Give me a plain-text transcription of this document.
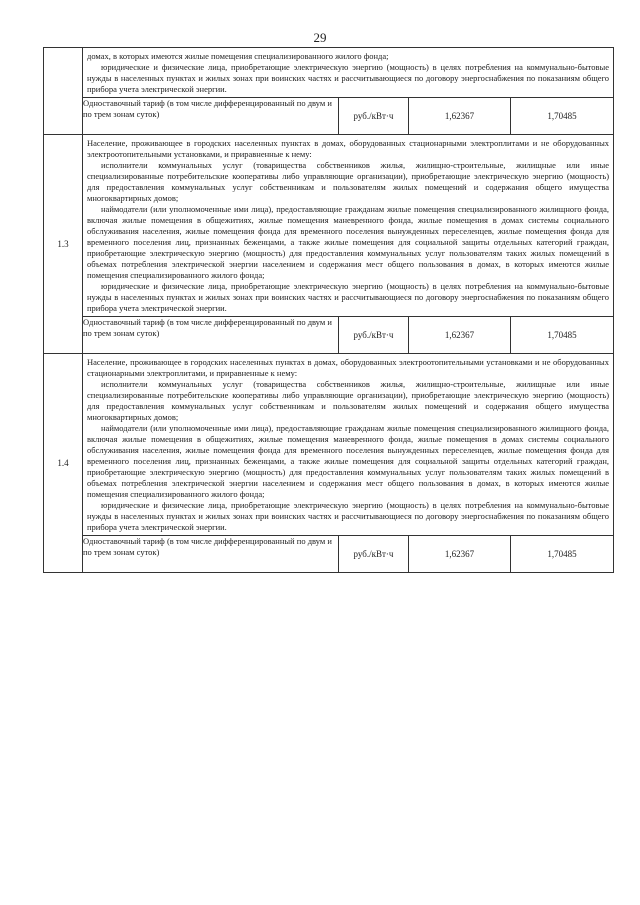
29

	домах, в которых имеются жилые помещения специализированного жилого фонда;

юридические и физические лица, приобретающие электрическую энергию (мощность) в целях потребления на коммунально-бытовые нужды в населенных пунктах и жилых зонах при воинских частях и рассчитывающиеся по договору энергоснабжения по показаниям общего прибора учета электрической энергии.			

	Одноставочный тариф (в том числе дифференцированный по двум и по трем зонам суток)	руб./кВт·ч	1,62367	1,70485
1.3	Население, проживающее в городских населенных пунктах в домах, оборудованных стационарными электроплитами и не оборудованных электроотопительными установками, и приравненные к нему:

исполнители коммунальных услуг (товарищества собственников жилья, жилищно-строительные, жилищные или иные специализированные потребительские кооперативы либо управляющие организации), приобретающие электрическую энергию (мощность) для предоставления коммунальных услуг собственникам и пользователям жилых помещений и содержания общего имущества многоквартирных домов;

наймодатели (или уполномоченные ими лица), предоставляющие гражданам жилые помещения специализированного жилищного фонда, включая жилые помещения в общежитиях, жилые помещения маневренного фонда, жилые помещения в домах системы социального обслуживания населения, жилые помещения фонда для временного поселения вынужденных переселенцев, жилые помещения фонда для временного поселения лиц, признанных беженцами, а также жилые помещения для социальной защиты отдельных категорий граждан, приобретающие электрическую энергию (мощность) для предоставления коммунальных услуг пользователям таких жилых помещений в объемах потребления электрической энергии населением и содержания мест общего пользования в домах, в которых имеются жилые помещения специализированного жилого фонда;

юридические и физические лица, приобретающие электрическую энергию (мощность) в целях потребления на коммунально-бытовые нужды в населенных пунктах и жилых зонах при воинских частях и рассчитывающиеся по договору энергоснабжения по показаниям общего прибора учета электрической энергии.			

	Одноставочный тариф (в том числе дифференцированный по двум и по трем зонам суток)	руб./кВт·ч	1,62367	1,70485
1.4	Население, проживающее в городских населенных пунктах в домах, оборудованных электроотопительными установками и не оборудованных стационарными электроплитами, и приравненные к нему:

исполнители коммунальных услуг (товарищества собственников жилья, жилищно-строительные, жилищные или иные специализированные потребительские кооперативы либо управляющие организации), приобретающие электрическую энергию (мощность) для предоставления коммунальных услуг собственникам и пользователям жилых помещений и содержания общего имущества многоквартирных домов;

наймодатели (или уполномоченные ими лица), предоставляющие гражданам жилые помещения специализированного жилищного фонда, включая жилые помещения в общежитиях, жилые помещения маневренного фонда, жилые помещения в домах системы социального обслуживания населения, жилые помещения фонда для временного поселения вынужденных переселенцев, жилые помещения фонда для временного поселения лиц, признанных беженцами, а также жилые помещения для социальной защиты отдельных категорий граждан, приобретающие электрическую энергию (мощность) для предоставления коммунальных услуг пользователям таких жилых помещений в объемах потребления электрической энергии населением и содержания мест общего пользования в домах, в которых имеются жилые помещения специализированного жилого фонда;

юридические и физические лица, приобретающие электрическую энергию (мощность) в целях потребления на коммунально-бытовые нужды в населенных пунктах и жилых зонах при воинских частях и рассчитывающиеся по договору энергоснабжения по показаниям общего прибора учета электрической энергии.			

	Одноставочный тариф (в том числе дифференцированный по двум и по трем зонам суток)	руб./кВт·ч	1,62367	1,70485
